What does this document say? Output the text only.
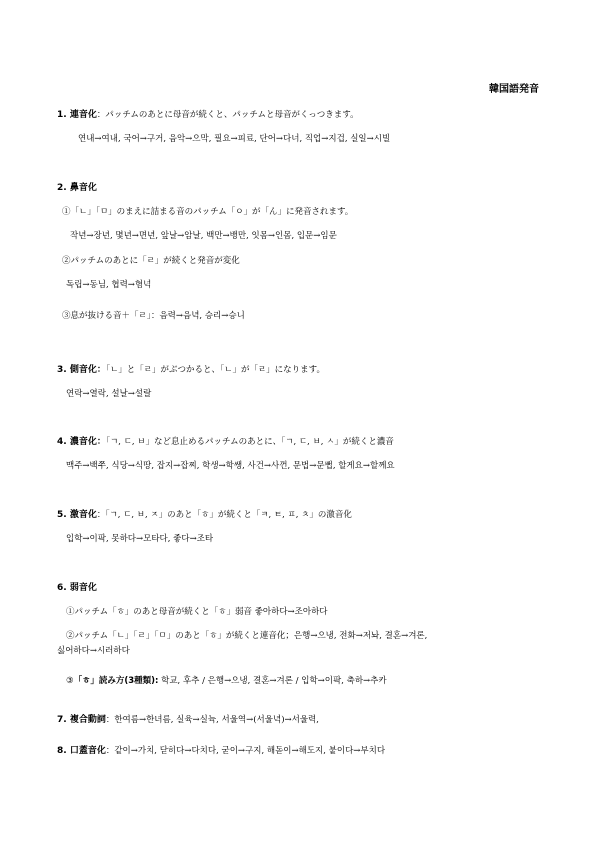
韓国語発音
1. 連音化：パッチムのあとに母音が続くと、パッチムと母音がくっつきます。
연내→여내, 국어→구거, 음악→으막, 필요→피료, 단어→다너, 직업→지겁, 실일→시빌
2. 鼻音化
①「ㄴ」「ㅁ」のまえに詰まる音のパッチム「ㅇ」が「ん」に発音されます。
작년→장년, 몇년→면년, 앞날→암날, 백만→뱅만, 잇몸→인몸, 입문→임문
②パッチムのあとに「ㄹ」が続くと発音が変化
독립→동님, 협력→혐넉
③息が抜ける音＋「ㄹ」：음력→음녁, 승리→승니
3. 側音化：「ㄴ」と「ㄹ」がぶつかると、「ㄴ」が「ㄹ」になります。
연락→열락, 설날→설랄
4. 濃音化：「ㄱ, ㄷ, ㅂ」など息止めるパッチムのあとに、「ㄱ, ㄷ, ㅂ, ㅅ」が続くと濃音
맥주→백쭈, 식당→식땅, 잡지→잡찌, 학생→학쌩, 사건→사껀, 문법→문뻡, 할게요→할께요
5. 激音化：「ㄱ, ㄷ, ㅂ, ㅈ」のあと「ㅎ」が続くと「ㅋ, ㅌ, ㅍ, ㅊ」の激音化
입학→이팍, 못하다→모타다, 좋다→조타
6. 弱音化
①パッチム「ㅎ」のあと母音が続くと「ㅎ」弱音 좋아하다→조아하다
②パッチム「ㄴ」「ㄹ」「ㅁ」のあと「ㅎ」が続くと連音化；은행→으냉, 전화→저놔, 결혼→겨론,
싫어하다→시러하다
③「ㅎ」読み方(3種類): 학교, 후추 / 은행→으냉, 결혼→겨론 / 입학→이팍, 축하→추카
7. 複合動詞：한여름→한녀름, 실육→실뉵, 서울역→(서울녁)→서울력,
8. 口蓋音化：같이→가치, 닫히다→다치다, 굳이→구지, 해돋이→해도지, 붙이다→부치다
